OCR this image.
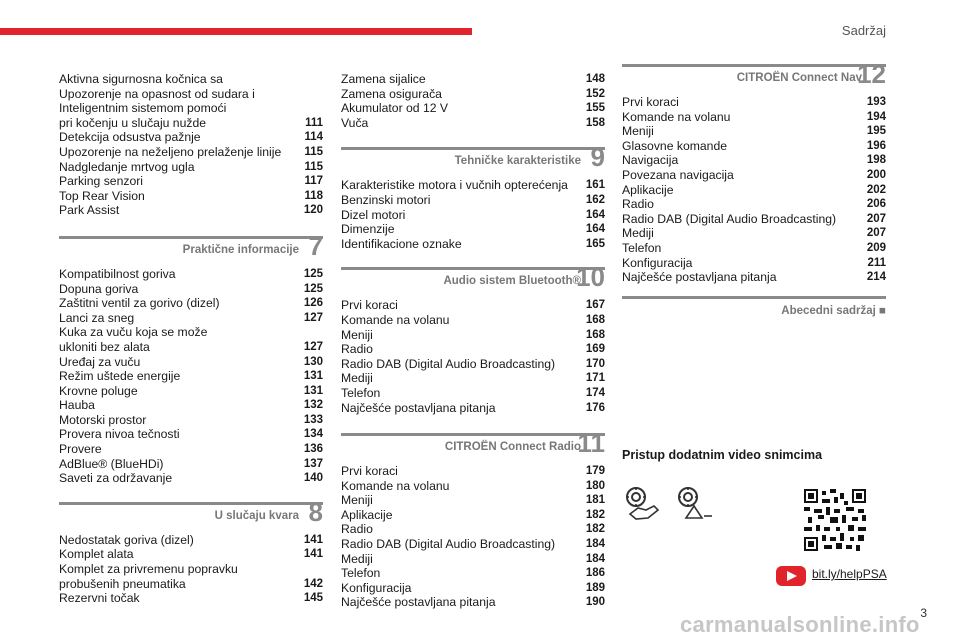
Sadržaj
Aktivna sigurnosna kočnica sa
Upozorenje na opasnost od sudara i
Inteligentnim sistemom pomoći
pri kočenju u slučaju nužde	111
Detekcija odsustva pažnje	114
Upozorenje na neželjeno prelaženje linije	115
Nadgledanje mrtvog ugla	115
Parking senzori	117
Top Rear Vision	118
Park Assist	120
Praktične informacije 7
Kompatibilnost goriva	125
Dopuna goriva	125
Zaštitni ventil za gorivo (dizel)	126
Lanci za sneg	127
Kuka za vuču koja se može
ukloniti bez alata	127
Uređaj za vuču	130
Režim uštede energije	131
Krovne poluge	131
Hauba	132
Motorski prostor	133
Provera nivoa tečnosti	134
Provere	136
AdBlue® (BlueHDi)	137
Saveti za održavanje	140
U slučaju kvara 8
Nedostatak goriva (dizel)	141
Komplet alata	141
Komplet za privremenu popravku
probušenih pneumatika	142
Rezervni točak	145
Zamena sijalice	148
Zamena osigurača	152
Akumulator od 12 V	155
Vuča	158
Tehničke karakteristike 9
Karakteristike motora i vučnih opterećenja	161
Benzinski motori	162
Dizel motori	164
Dimenzije	164
Identifikacione oznake	165
Audio sistem Bluetooth®
10
Prvi koraci	167
Komande na volanu	168
Meniji	168
Radio	169
Radio DAB (Digital Audio Broadcasting)	170
Mediji	171
Telefon	174
Najčešće postavljana pitanja	176
CITROËN Connect Radio
11
Prvi koraci	179
Komande na volanu	180
Meniji	181
Aplikacije	182
Radio	182
Radio DAB (Digital Audio Broadcasting)	184
Mediji	184
Telefon	186
Konfiguracija	189
Najčešće postavljana pitanja	190
CITROËN Connect Nav
12
Prvi koraci	193
Komande na volanu	194
Meniji	195
Glasovne komande	196
Navigacija	198
Povezana navigacija	200
Aplikacije	202
Radio	206
Radio DAB (Digital Audio Broadcasting)	207
Mediji	207
Telefon	209
Konfiguracija	211
Najčešće postavljana pitanja	214
Abecedni sadržaj ■
Pristup dodatnim video snimcima
bit.ly/helpPSA
3
carmanualsonline.info
